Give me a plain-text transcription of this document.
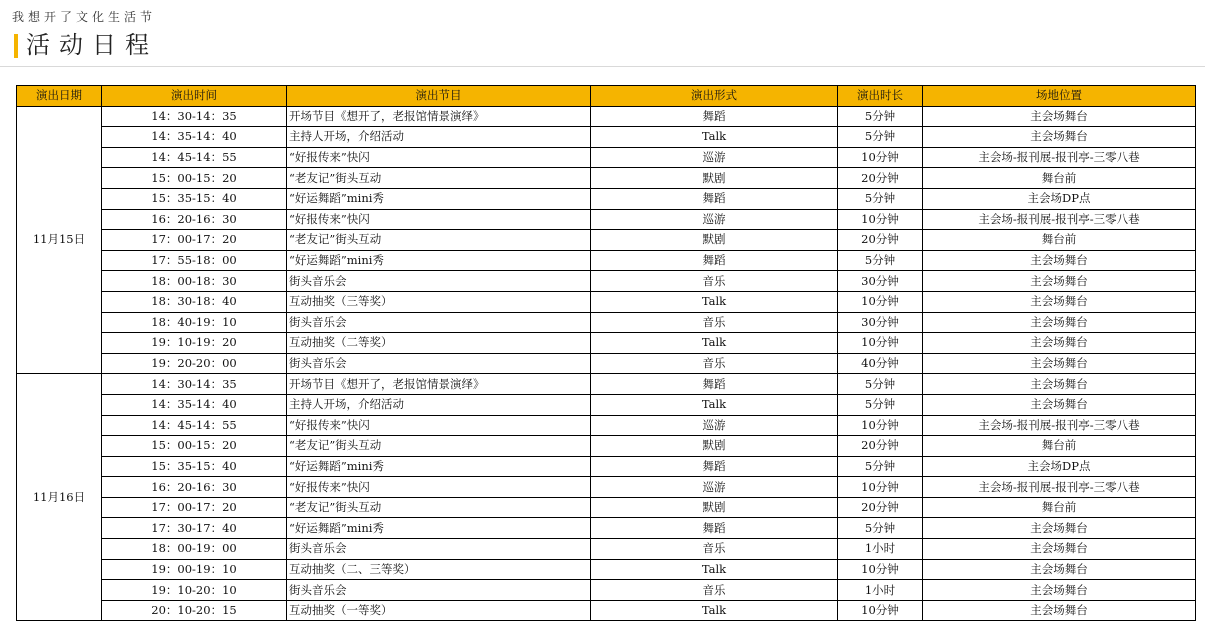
我想开了文化生活节
活动日程
演出日期	演出时间	演出节目	演出形式	演出时长	场地位置
11月15日	14：30-14：35	开场节目《想开了，老报馆情景演绎》	舞蹈	5分钟	主会场舞台
	14：35-14：40	主持人开场，介绍活动	Talk	5分钟	主会场舞台
	14：45-14：55	“好报传来”快闪	巡游	10分钟	主会场-报刊展-报刊亭-三零八巷
	15：00-15：20	“老友记”街头互动	默剧	20分钟	舞台前
	15：35-15：40	“好运舞蹈”mini秀	舞蹈	5分钟	主会场DP点
	16：20-16：30	“好报传来”快闪	巡游	10分钟	主会场-报刊展-报刊亭-三零八巷
	17：00-17：20	“老友记”街头互动	默剧	20分钟	舞台前
	17：55-18：00	“好运舞蹈”mini秀	舞蹈	5分钟	主会场舞台
	18：00-18：30	街头音乐会	音乐	30分钟	主会场舞台
	18：30-18：40	互动抽奖（三等奖）	Talk	10分钟	主会场舞台
	18：40-19：10	街头音乐会	音乐	30分钟	主会场舞台
	19：10-19：20	互动抽奖（二等奖）	Talk	10分钟	主会场舞台
	19：20-20：00	街头音乐会	音乐	40分钟	主会场舞台
11月16日	14：30-14：35	开场节目《想开了，老报馆情景演绎》	舞蹈	5分钟	主会场舞台
	14：35-14：40	主持人开场，介绍活动	Talk	5分钟	主会场舞台
	14：45-14：55	“好报传来”快闪	巡游	10分钟	主会场-报刊展-报刊亭-三零八巷
	15：00-15：20	“老友记”街头互动	默剧	20分钟	舞台前
	15：35-15：40	“好运舞蹈”mini秀	舞蹈	5分钟	主会场DP点
	16：20-16：30	“好报传来”快闪	巡游	10分钟	主会场-报刊展-报刊亭-三零八巷
	17：00-17：20	“老友记”街头互动	默剧	20分钟	舞台前
	17：30-17：40	“好运舞蹈”mini秀	舞蹈	5分钟	主会场舞台
	18：00-19：00	街头音乐会	音乐	1小时	主会场舞台
	19：00-19：10	互动抽奖（二、三等奖）	Talk	10分钟	主会场舞台
	19：10-20：10	街头音乐会	音乐	1小时	主会场舞台
	20：10-20：15	互动抽奖（一等奖）	Talk	10分钟	主会场舞台
